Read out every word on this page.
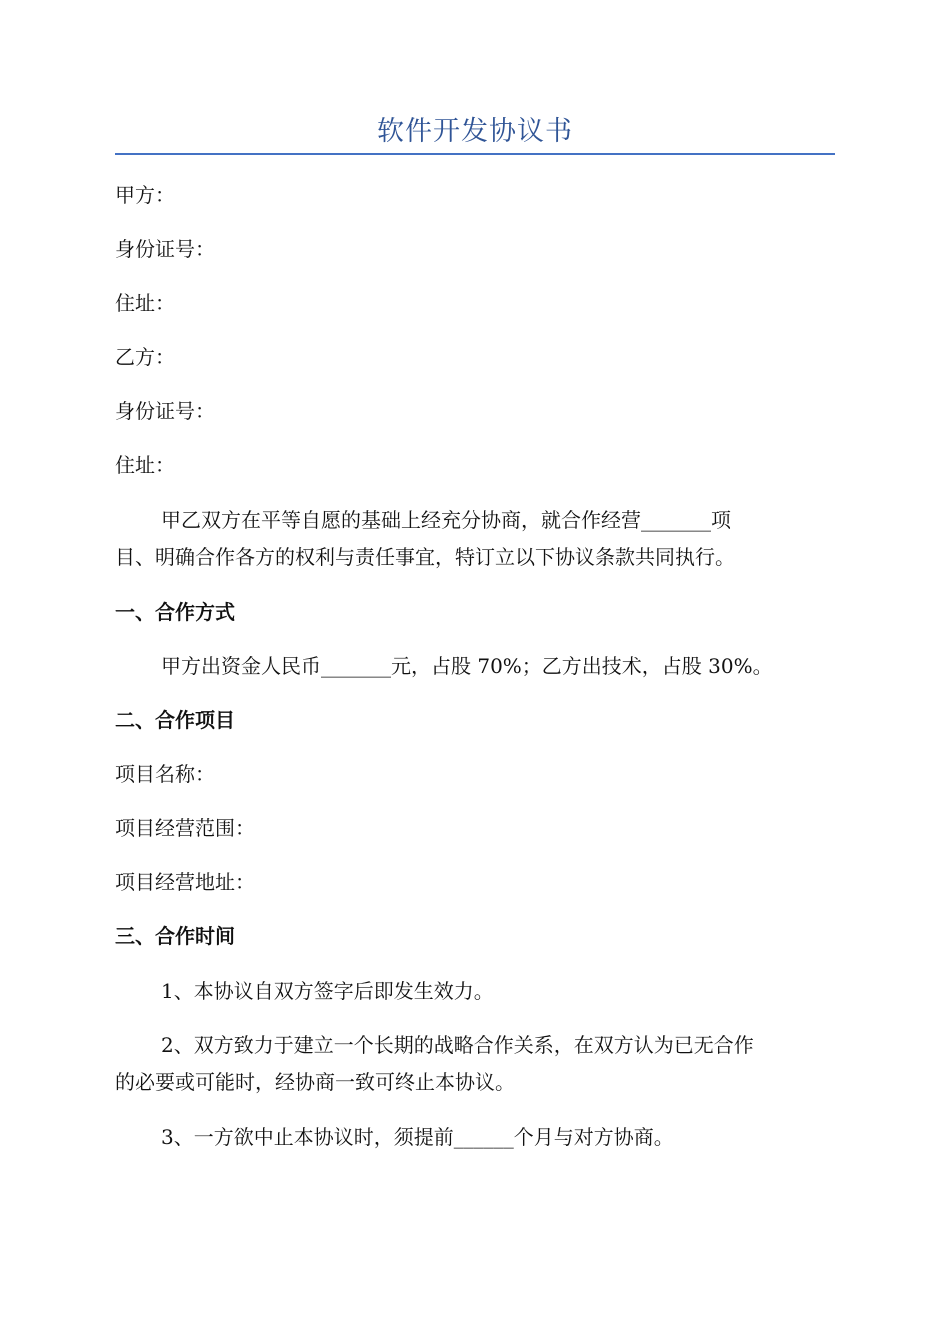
软件开发协议书
甲方：
身份证号：
住址：
乙方：
身份证号：
住址：
甲乙双方在平等自愿的基础上经充分协商，就合作经营_______项
目、明确合作各方的权利与责任事宜，特订立以下协议条款共同执行。
一、合作方式
甲方出资金人民币_______元，占股 70%；乙方出技术，占股 30%。
二、合作项目
项目名称：
项目经营范围：
项目经营地址：
三、合作时间
1、本协议自双方签字后即发生效力。
2、双方致力于建立一个长期的战略合作关系，在双方认为已无合作
的必要或可能时，经协商一致可终止本协议。
3、一方欲中止本协议时，须提前______个月与对方协商。
